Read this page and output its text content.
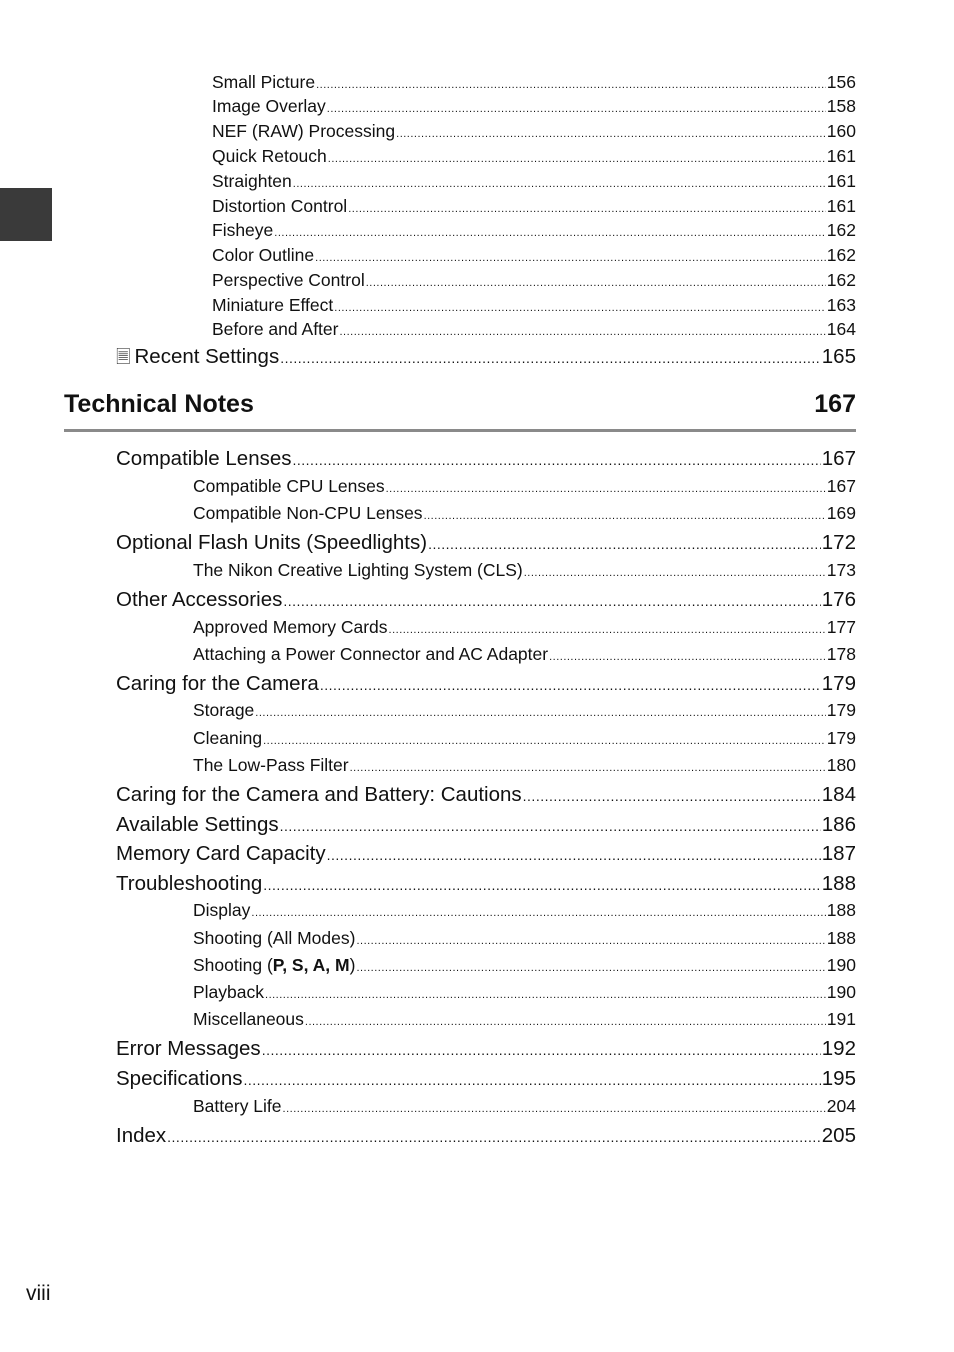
Small Picture .....	156
Image Overlay .....	158
NEF (RAW) Processing .....	160
Quick Retouch .....	161
Straighten .....	161
Distortion Control .....	161
Fisheye .....	162
Color Outline .....	162
Perspective Control .....	162
Miniature Effect .....	163
Before and After .....	164
🗏 Recent Settings .....	165
Technical Notes	167
Compatible Lenses .....	167
Compatible CPU Lenses .....	167
Compatible Non-CPU Lenses .....	169
Optional Flash Units (Speedlights) .....	172
The Nikon Creative Lighting System (CLS) .....	173
Other Accessories .....	176
Approved Memory Cards .....	177
Attaching a Power Connector and AC Adapter .....	178
Caring for the Camera .....	179
Storage .....	179
Cleaning .....	179
The Low-Pass Filter .....	180
Caring for the Camera and Battery: Cautions .....	184
Available Settings .....	186
Memory Card Capacity .....	187
Troubleshooting .....	188
Display .....	188
Shooting (All Modes) .....	188
Shooting (P, S, A, M) .....	190
Playback .....	190
Miscellaneous .....	191
Error Messages .....	192
Specifications .....	195
Battery Life .....	204
Index .....	205
viii
